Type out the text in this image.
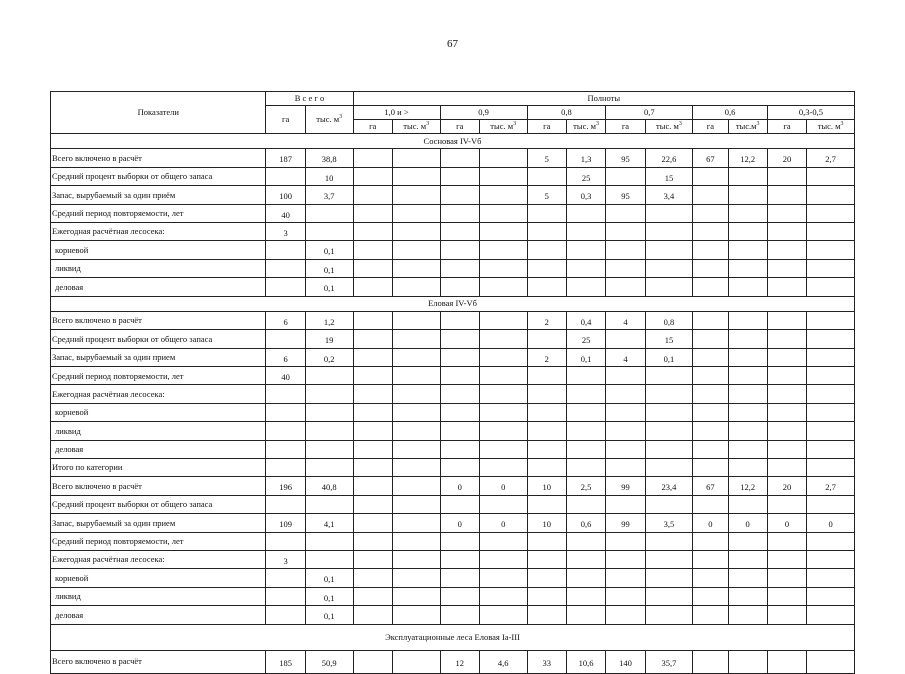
67
Показатели	В с е г о		Полноты											
	га	тыс. $м^3$	1,0 и >		0,9		0,8		0,7		0,6		0,3-0,5	
			га	тыс. $м^3$	га	тыс. $м^3$	га	тыс. $м^3$	га	тыс. $м^3$	га	$тыс.м^3$	га	тыс. $м^3$
Сосновая IV-Vб														
Всего включено в расчёт	187	38,8					5	1,3	95	22,6	67	12,2	20	2,7
Средний процент выборки от общего запаса		10						25		15				
Запас, вырубаемый за один приём	100	3,7					5	0,3	95	3,4				
Средний период повторяемости, лет	40													
Ежегодная расчётная лесосека:	3													
корневой		0,1												
ликвид		0,1												
деловая		0,1												
Еловая IV-Vб														
Всего включено в расчёт	6	1,2					2	0,4	4	0,8				
Средний процент выборки от общего запаса		19						25		15				
Запас, вырубаемый за один прием	6	0,2					2	0,1	4	0,1				
Средний период повторяемости, лет	40													
Ежегодная расчётная лесосека:														
корневой														
ликвид														
деловая														
Итого по категории														
Всего включено в расчёт	196	40,8			0	0	10	2,5	99	23,4	67	12,2	20	2,7
Средний процент выборки от общего запаса														
Запас, вырубаемый за один прием	109	4,1			0	0	10	0,6	99	3,5	0	0	0	0
Средний период повторяемости, лет														
Ежегодная расчётная лесосека:	3													
корневой		0,1												
ликвид		0,1												
деловая		0,1												
Эксплуатационные леса Еловая Iа-III														
Всего включено в расчёт	185	50,9			12	4,6	33	10,6	140	35,7				
